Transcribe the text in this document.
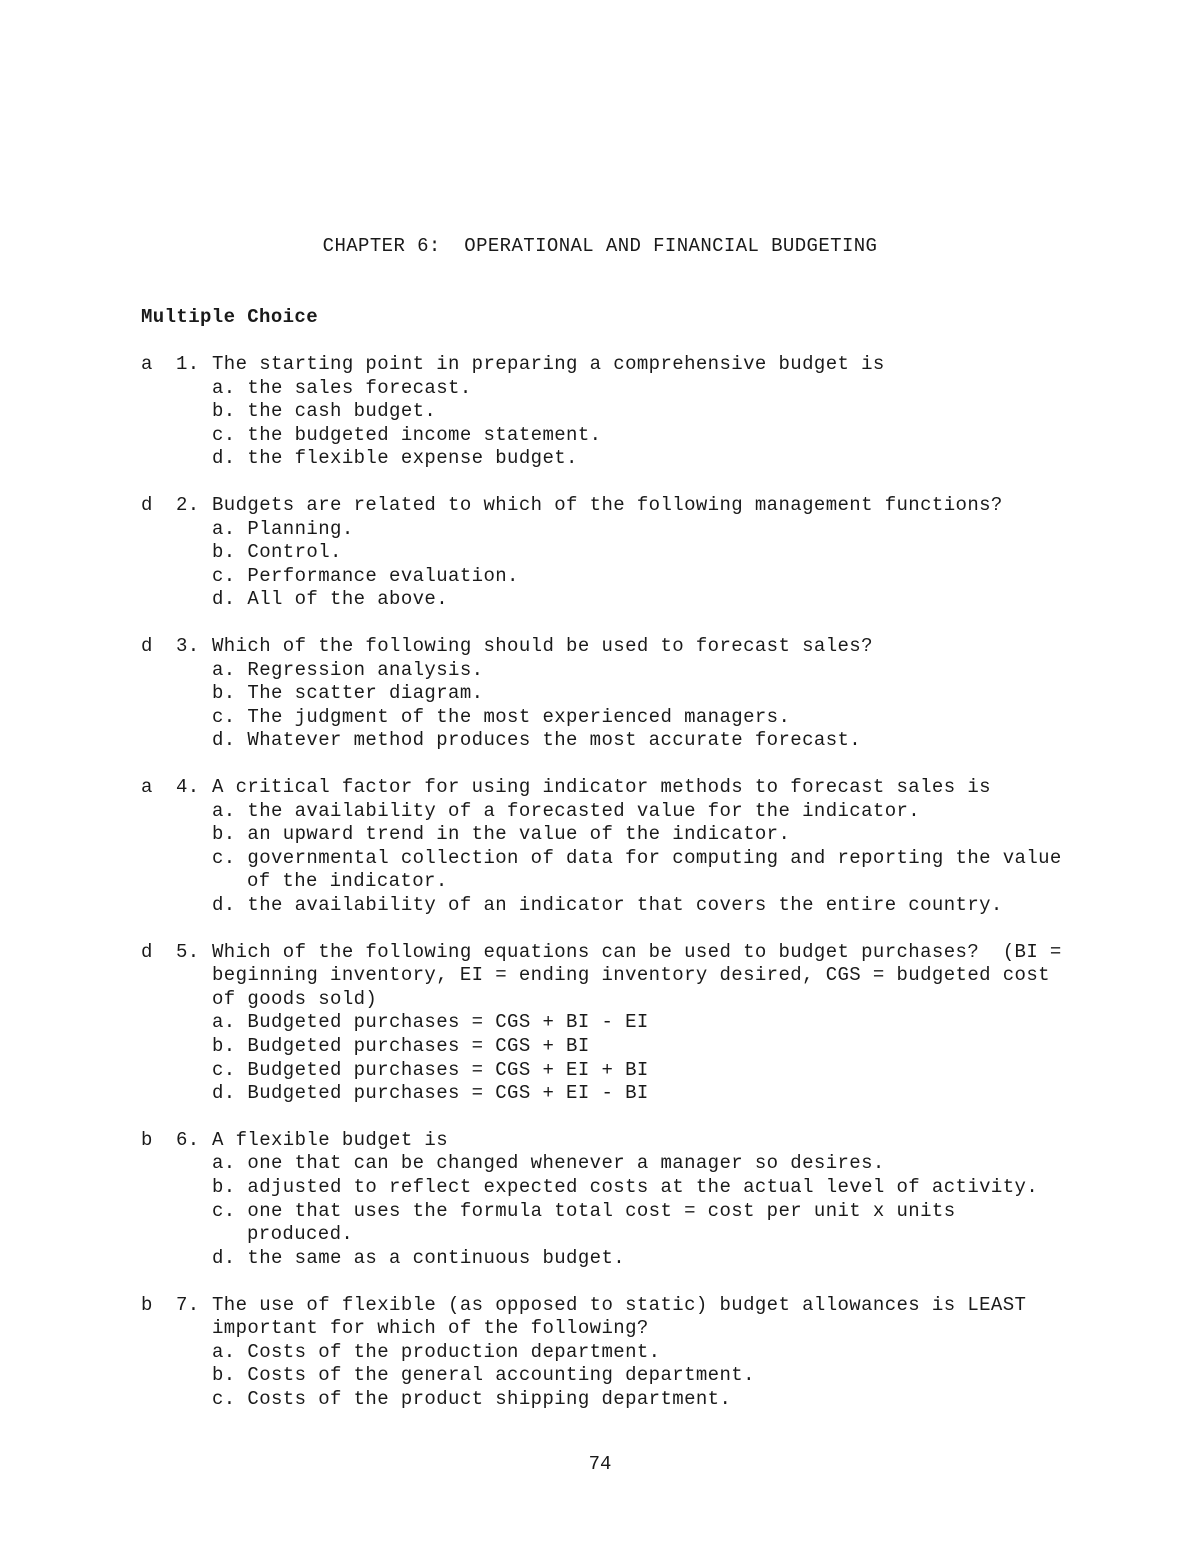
CHAPTER 6:  OPERATIONAL AND FINANCIAL BUDGETING
Multiple Choice
a 1. The starting point in preparing a comprehensive budget is
a. the sales forecast.
b. the cash budget.
c. the budgeted income statement.
d. the flexible expense budget.
d 2. Budgets are related to which of the following management functions?
a. Planning.
b. Control.
c. Performance evaluation.
d. All of the above.
d 3. Which of the following should be used to forecast sales?
a. Regression analysis.
b. The scatter diagram.
c. The judgment of the most experienced managers.
d. Whatever method produces the most accurate forecast.
a 4. A critical factor for using indicator methods to forecast sales is
a. the availability of a forecasted value for the indicator.
b. an upward trend in the value of the indicator.
c. governmental collection of data for computing and reporting the value
of the indicator.
d. the availability of an indicator that covers the entire country.
d 5. Which of the following equations can be used to budget purchases?  (BI =
beginning inventory, EI = ending inventory desired, CGS = budgeted cost
of goods sold)
a. Budgeted purchases = CGS + BI - EI
b. Budgeted purchases = CGS + BI
c. Budgeted purchases = CGS + EI + BI
d. Budgeted purchases = CGS + EI - BI
b 6. A flexible budget is
a. one that can be changed whenever a manager so desires.
b. adjusted to reflect expected costs at the actual level of activity.
c. one that uses the formula total cost = cost per unit x units
produced.
d. the same as a continuous budget.
b 7. The use of flexible (as opposed to static) budget allowances is LEAST
important for which of the following?
a. Costs of the production department.
b. Costs of the general accounting department.
c. Costs of the product shipping department.
74
